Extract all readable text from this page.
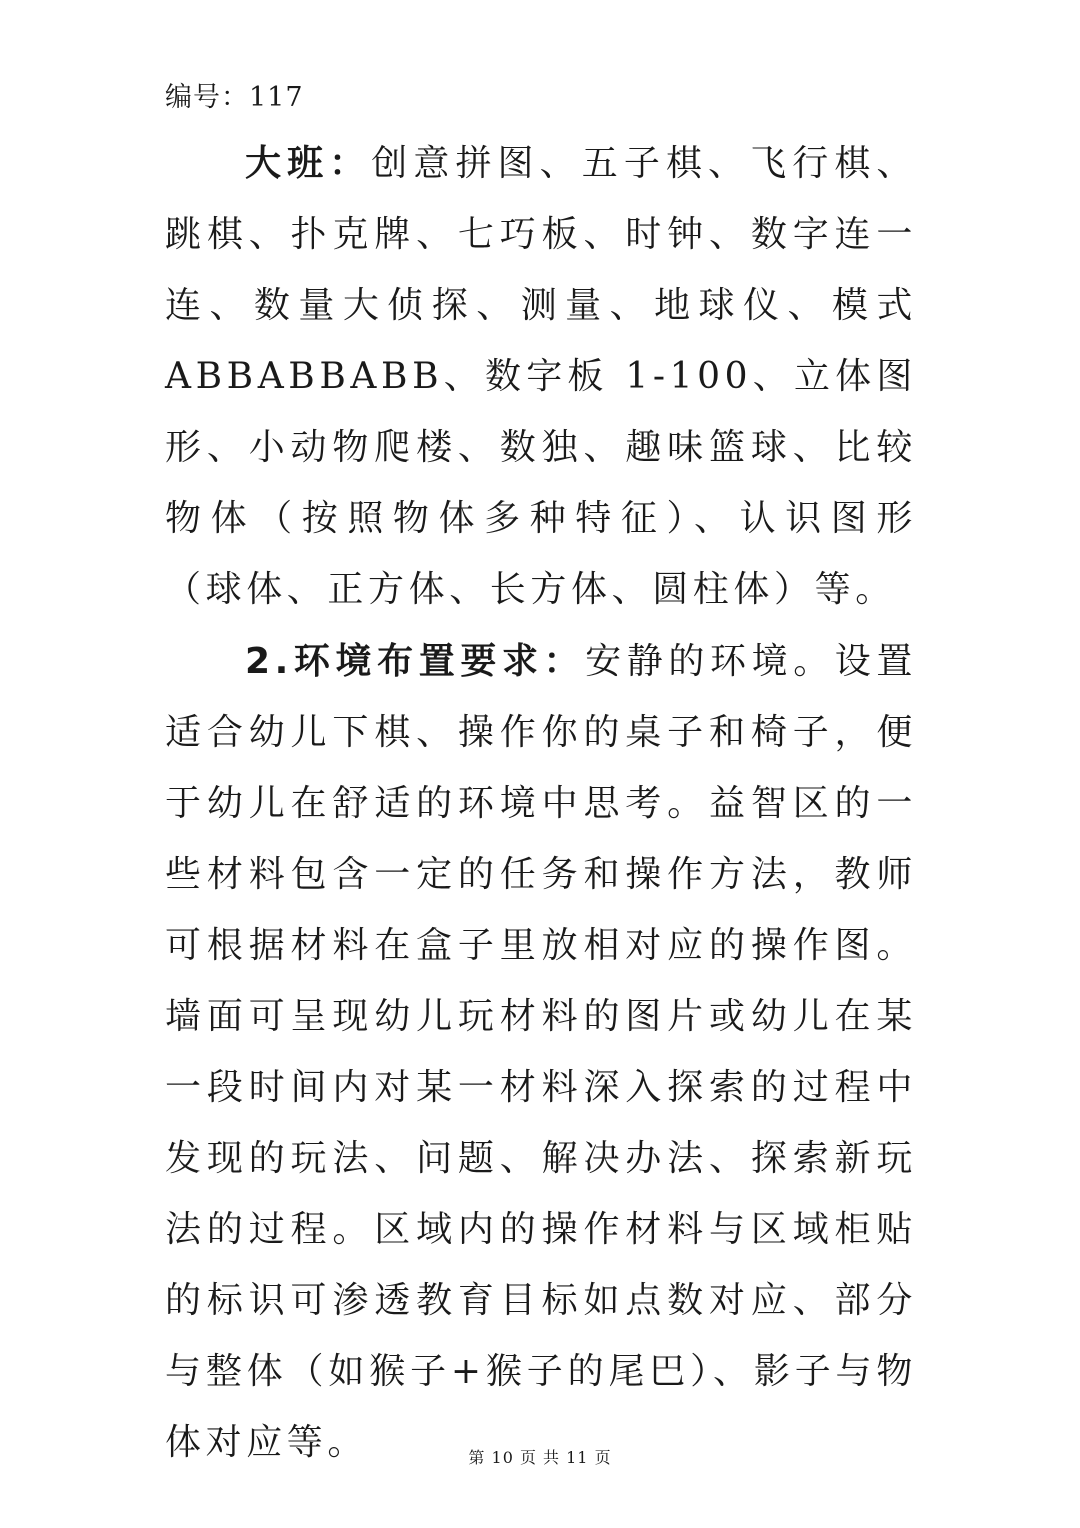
编号：117

大班：创意拼图、五子棋、飞行棋、跳棋、扑克牌、七巧板、时钟、数字连一连、数量大侦探、测量、地球仪、模式 ABBABBABB、数字板 1-100、立体图形、小动物爬楼、数独、趣味篮球、比较物体（按照物体多种特征）、认识图形（球体、正方体、长方体、圆柱体）等。

2.环境布置要求：安静的环境。设置适合幼儿下棋、操作你的桌子和椅子，便于幼儿在舒适的环境中思考。益智区的一些材料包含一定的任务和操作方法，教师可根据材料在盒子里放相对应的操作图。墙面可呈现幼儿玩材料的图片或幼儿在某一段时间内对某一材料深入探索的过程中发现的玩法、问题、解决办法、探索新玩法的过程。区域内的操作材料与区域柜贴的标识可渗透教育目标如点数对应、部分与整体（如猴子+猴子的尾巴）、影子与物体对应等。	第 10 页 共 11 页
